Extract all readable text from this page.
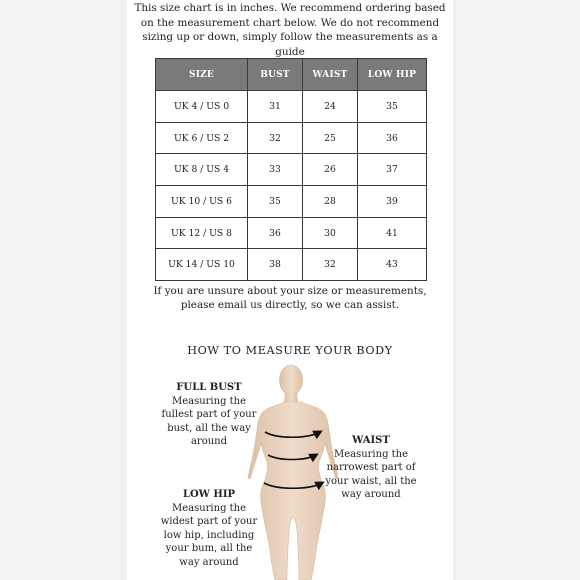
This size chart is in inches. We recommend ordering based
on the measurement chart below. We do not recommend
sizing up or down, simply follow the measurements as a
guide

SIZE	BUST	WAIST	LOW HIP
UK 4 / US 0	31	24	35
UK 6 / US 2	32	25	36
UK 8 / US 4	33	26	37
UK 10 / US 6	35	28	39
UK 12 / US 8	36	30	41
UK 14 / US 10	38	32	43

If you are unsure about your size or measurements,
please email us directly, so we can assist.

HOW TO MEASURE YOUR BODY
FULL BUST
Measuring the
fullest part of your
bust, all the way
around	WAIST
Measuring the
narrowest part of
your waist, all the
way around
LOW HIP
Measuring the
widest part of your
low hip, including
your bum, all the
way around
